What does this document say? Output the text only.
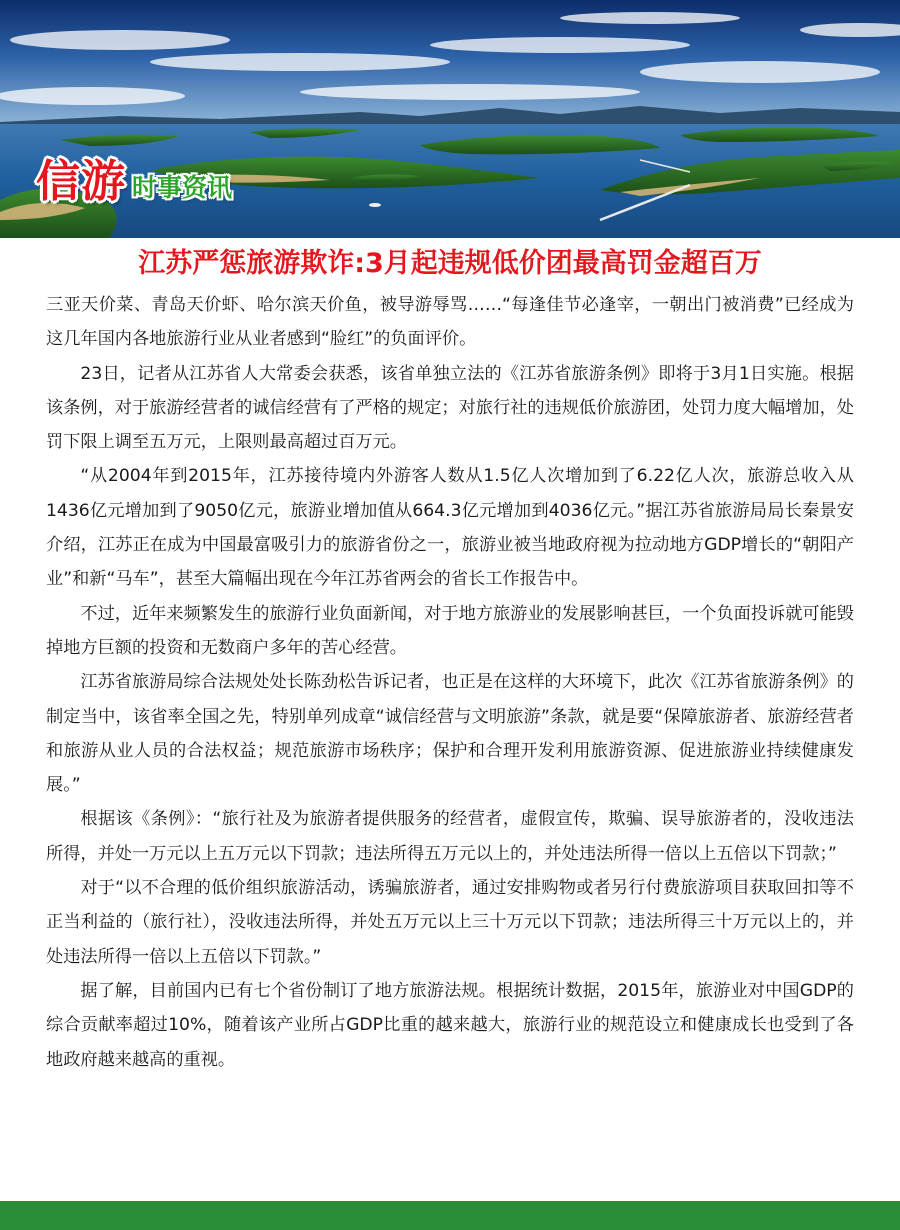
信游 时事资讯
江苏严惩旅游欺诈:3月起违规低价团最高罚金超百万

三亚天价菜、青岛天价虾、哈尔滨天价鱼，被导游辱骂……“每逢佳节必逢宰，一朝出门被消费”已经成为这几年国内各地旅游行业从业者感到“脸红”的负面评价。

23日，记者从江苏省人大常委会获悉，该省单独立法的《江苏省旅游条例》即将于3月1日实施。根据该条例，对于旅游经营者的诚信经营有了严格的规定；对旅行社的违规低价旅游团，处罚力度大幅增加，处罚下限上调至五万元，上限则最高超过百万元。

“从2004年到2015年，江苏接待境内外游客人数从1.5亿人次增加到了6.22亿人次，旅游总收入从1436亿元增加到了9050亿元，旅游业增加值从664.3亿元增加到4036亿元。”据江苏省旅游局局长秦景安介绍，江苏正在成为中国最富吸引力的旅游省份之一，旅游业被当地政府视为拉动地方GDP增长的“朝阳产业”和新“马车”，甚至大篇幅出现在今年江苏省两会的省长工作报告中。

不过，近年来频繁发生的旅游行业负面新闻，对于地方旅游业的发展影响甚巨，一个负面投诉就可能毁掉地方巨额的投资和无数商户多年的苦心经营。

江苏省旅游局综合法规处处长陈劲松告诉记者，也正是在这样的大环境下，此次《江苏省旅游条例》的制定当中，该省率全国之先，特别单列成章“诚信经营与文明旅游”条款，就是要“保障旅游者、旅游经营者和旅游从业人员的合法权益；规范旅游市场秩序；保护和合理开发利用旅游资源、促进旅游业持续健康发展。”

根据该《条例》：“旅行社及为旅游者提供服务的经营者，虚假宣传，欺骗、误导旅游者的，没收违法所得，并处一万元以上五万元以下罚款；违法所得五万元以上的，并处违法所得一倍以上五倍以下罚款；”

对于“以不合理的低价组织旅游活动，诱骗旅游者，通过安排购物或者另行付费旅游项目获取回扣等不正当利益的（旅行社），没收违法所得，并处五万元以上三十万元以下罚款；违法所得三十万元以上的，并处违法所得一倍以上五倍以下罚款。”

据了解，目前国内已有七个省份制订了地方旅游法规。根据统计数据，2015年，旅游业对中国GDP的综合贡献率超过10%，随着该产业所占GDP比重的越来越大，旅游行业的规范设立和健康成长也受到了各地政府越来越高的重视。
